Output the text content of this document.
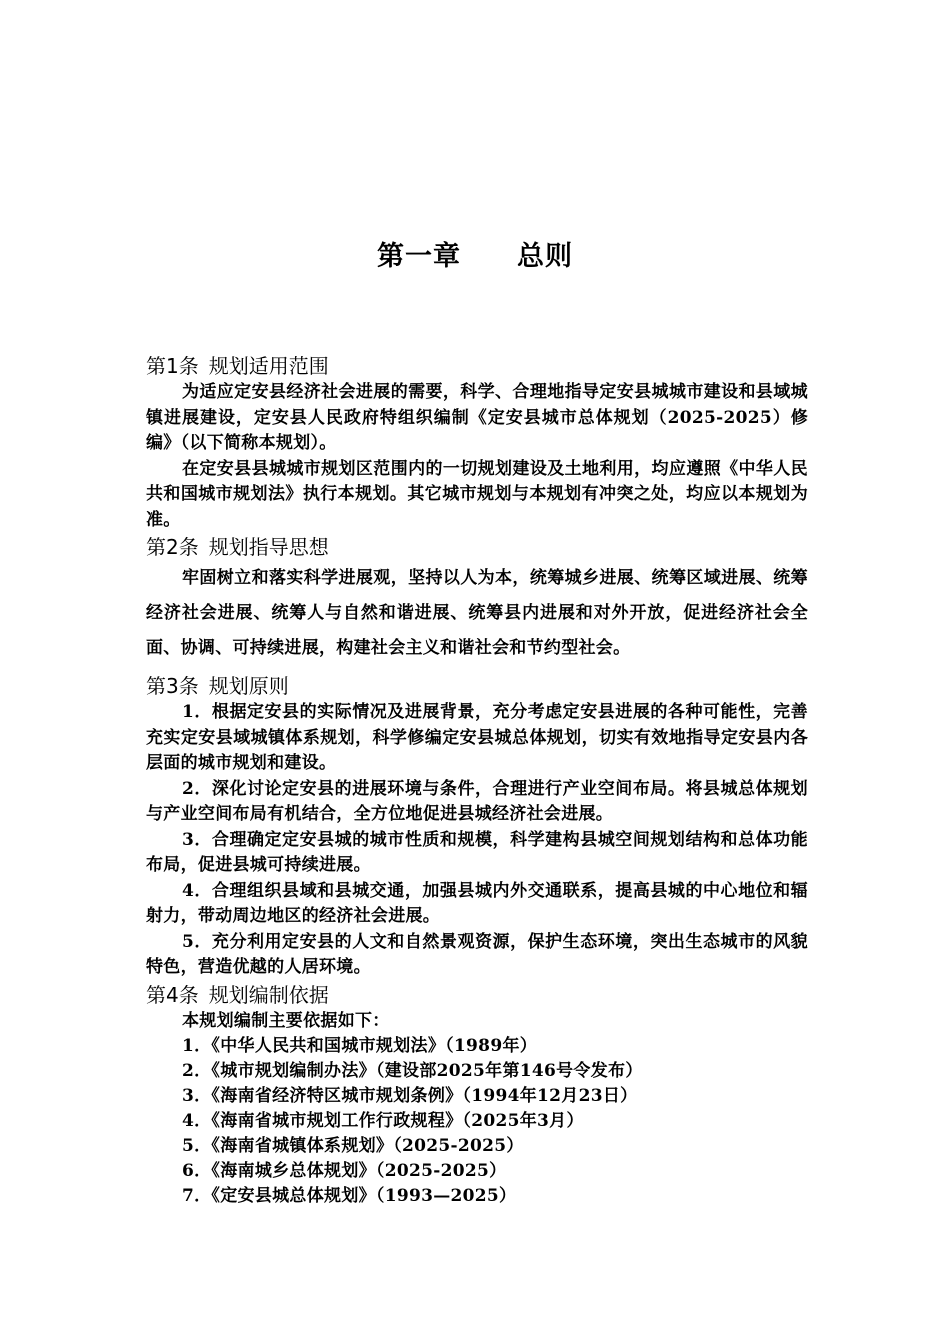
第一章 总则
第1条 规划适用范围

为适应定安县经济社会进展的需要，科学、合理地指导定安县城城市建设和县域城镇进展建设，定安县人民政府特组织编制《定安县城市总体规划（2025-2025）修编》（以下简称本规划）。

在定安县县城城市规划区范围内的一切规划建设及土地利用，均应遵照《中华人民共和国城市规划法》执行本规划。其它城市规划与本规划有冲突之处，均应以本规划为准。

第2条 规划指导思想

牢固树立和落实科学进展观，坚持以人为本，统筹城乡进展、统筹区域进展、统筹经济社会进展、统筹人与自然和谐进展、统筹县内进展和对外开放，促进经济社会全面、协调、可持续进展，构建社会主义和谐社会和节约型社会。

第3条 规划原则

1．根据定安县的实际情况及进展背景，充分考虑定安县进展的各种可能性，完善充实定安县域城镇体系规划，科学修编定安县城总体规划，切实有效地指导定安县内各层面的城市规划和建设。

2．深化讨论定安县的进展环境与条件，合理进行产业空间布局。将县城总体规划与产业空间布局有机结合，全方位地促进县城经济社会进展。

3．合理确定定安县城的城市性质和规模，科学建构县城空间规划结构和总体功能布局，促进县城可持续进展。

4．合理组织县域和县城交通，加强县城内外交通联系，提高县城的中心地位和辐射力，带动周边地区的经济社会进展。

5．充分利用定安县的人文和自然景观资源，保护生态环境，突出生态城市的风貌特色，营造优越的人居环境。

第4条 规划编制依据

本规划编制主要依据如下：

1．《中华人民共和国城市规划法》（1989年）
2．《城市规划编制办法》（建设部2025年第146号令发布）
3．《海南省经济特区城市规划条例》（1994年12月23日）
4．《海南省城市规划工作行政规程》（2025年3月）
5．《海南省城镇体系规划》（2025-2025）
6．《海南城乡总体规划》（2025-2025）
7．《定安县城总体规划》（1993—2025）
